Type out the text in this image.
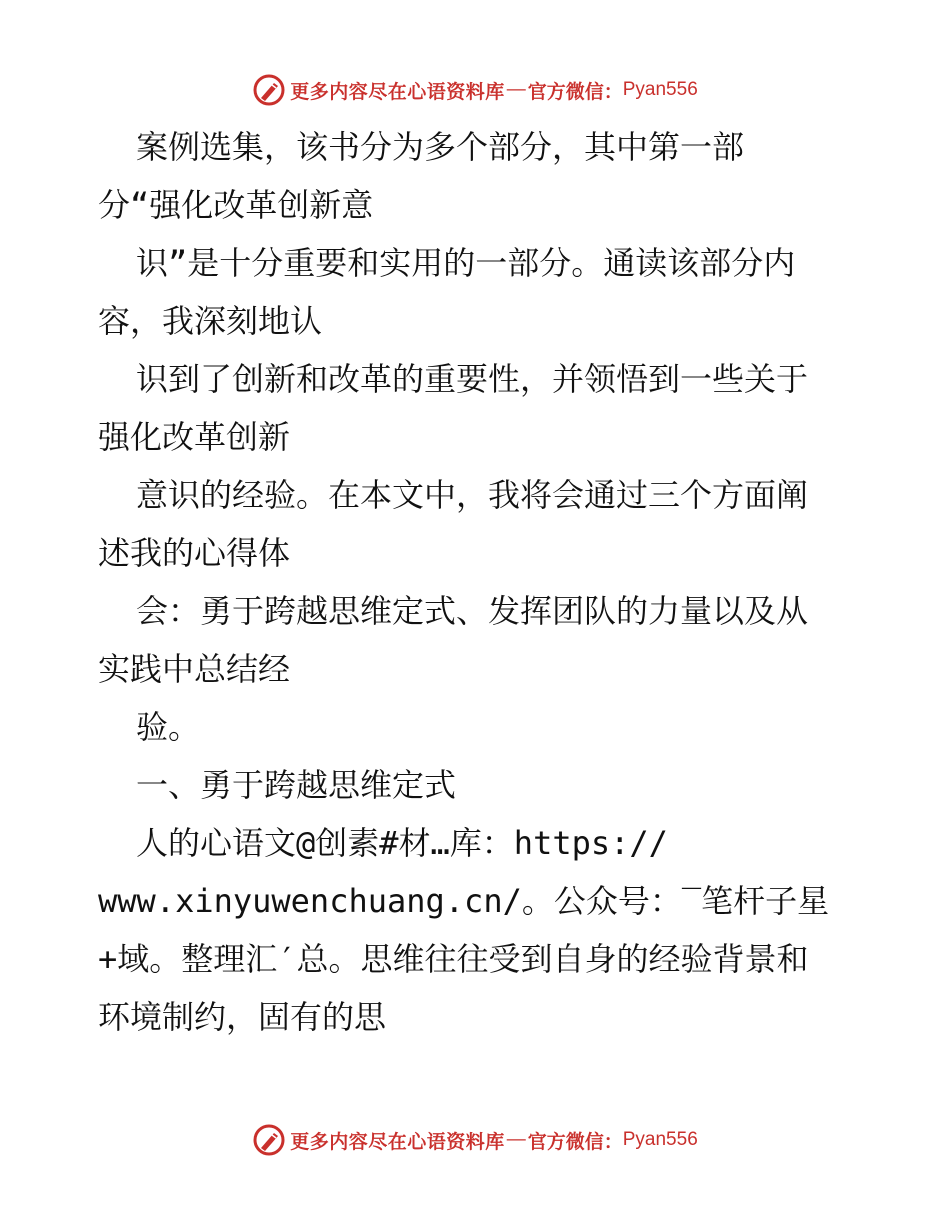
更多内容尽在心语资料库 — 官方微信： Pyan556
案例选集，该书分为多个部分，其中第一部
分“强化改革创新意
识”是十分重要和实用的一部分。通读该部分内
容，我深刻地认
识到了创新和改革的重要性，并领悟到一些关于
强化改革创新
意识的经验。在本文中，我将会通过三个方面阐
述我的心得体
会：勇于跨越思维定式、发挥团队的力量以及从
实践中总结经
验。
一、勇于跨越思维定式
人的心语文@创素#材…库：https://
www.xinyuwenchuang.cn/。公众号：‾笔杆子星
+域。整理汇′总。思维往往受到自身的经验背景和
环境制约，固有的思
更多内容尽在心语资料库 — 官方微信： Pyan556
